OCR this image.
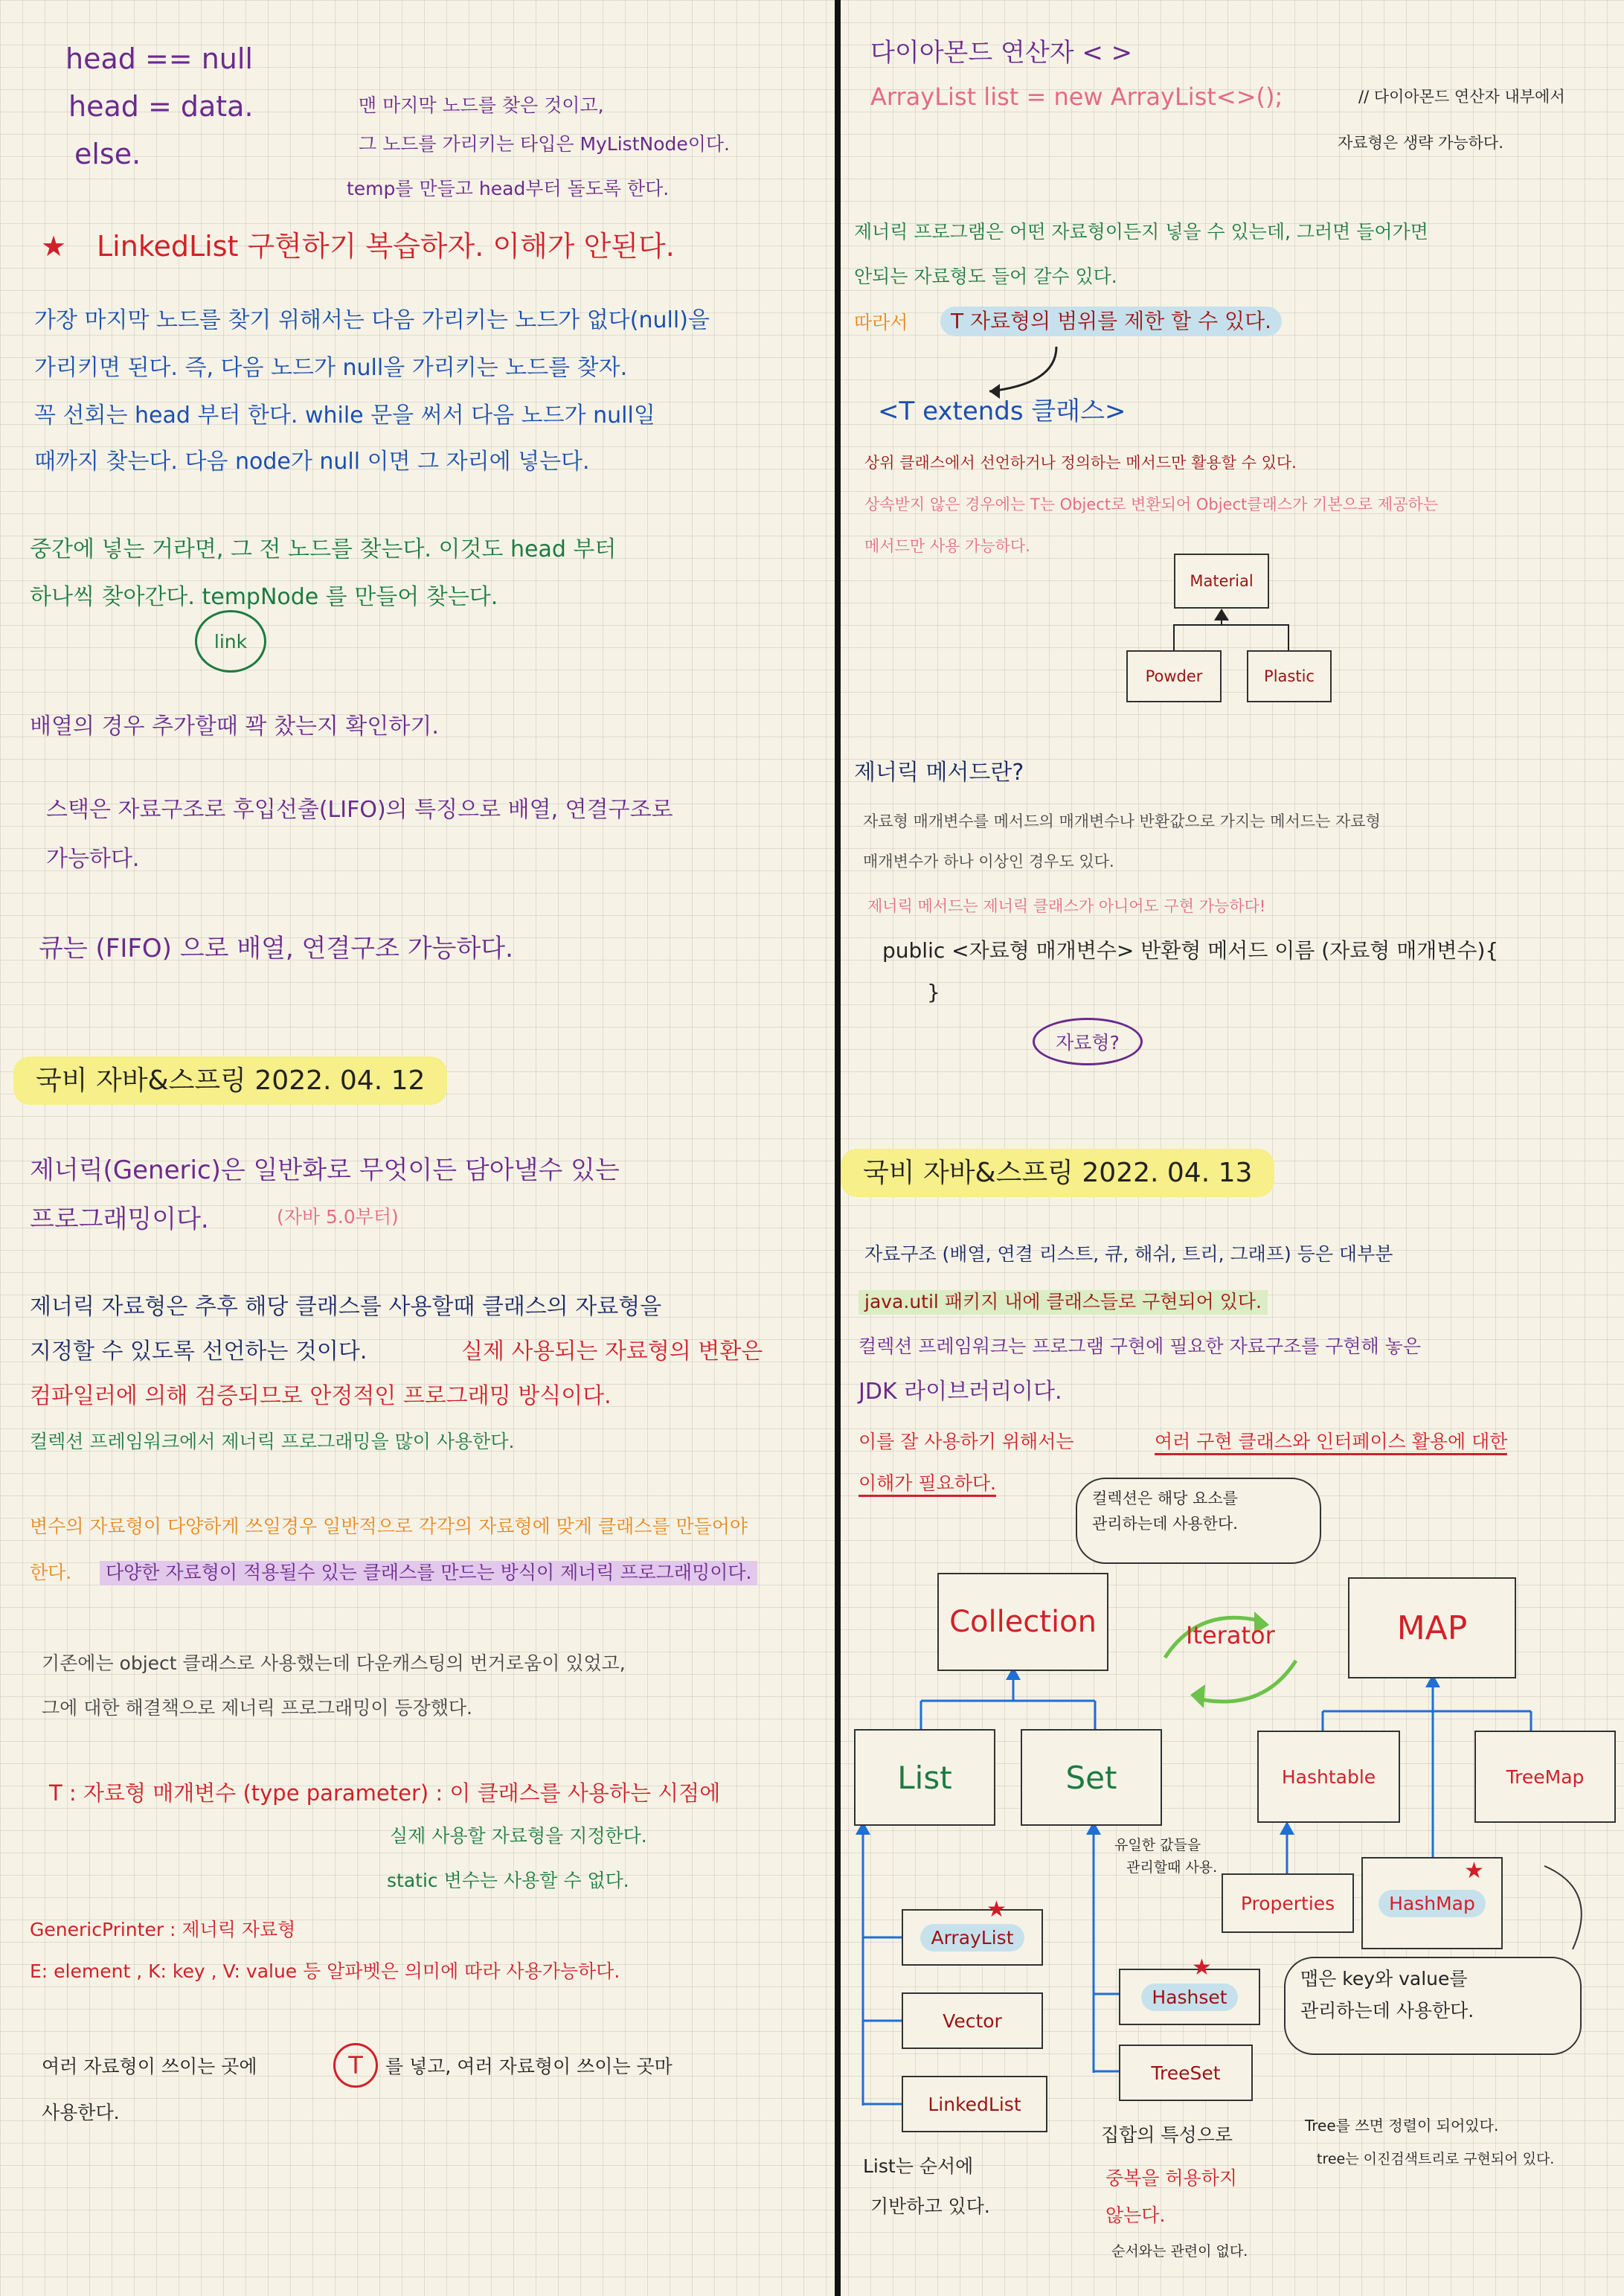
head == null

head = data.

else.

맨 마지막 노드를 찾은 것이고,

그 노드를 가리키는 타입은 MyListNode이다.

temp를 만들고 head부터 돌도록 한다.

★ LinkedList 구현하기 복습하자. 이해가 안된다.

가장 마지막 노드를 찾기 위해서는 다음 가리키는 노드가 없다(null)을

가리키면 된다. 즉, 다음 노드가 null을 가리키는 노드를 찾자.

꼭 선회는 head 부터 한다. while 문을 써서 다음 노드가 null일

때까지 찾는다. 다음 node가 null 이면 그 자리에 넣는다.

중간에 넣는 거라면, 그 전 노드를 찾는다. 이것도 head 부터

하나씩 찾아간다. tempNode 를 만들어 찾는다.

link

배열의 경우 추가할때 꽉 찼는지 확인하기.

스택은 자료구조로 후입선출(LIFO)의 특징으로 배열, 연결구조로

가능하다.

큐는 (FIFO) 으로 배열, 연결구조 가능하다.

국비 자바&스프링 2022. 04. 12

제너릭(Generic)은 일반화로 무엇이든 담아낼수 있는

프로그래밍이다.	(자바 5.0부터)

제너릭 자료형은 추후 해당 클래스를 사용할때 클래스의 자료형을

지정할 수 있도록 선언하는 것이다.	실제 사용되는 자료형의 변환은

컴파일러에 의해 검증되므로 안정적인 프로그래밍 방식이다.

컬렉션 프레임워크에서 제너릭 프로그래밍을 많이 사용한다.

변수의 자료형이 다양하게 쓰일경우 일반적으로 각각의 자료형에 맞게 클래스를 만들어야

한다.	다양한 자료형이 적용될수 있는 클래스를 만드는 방식이 제너릭 프로그래밍이다.

기존에는 object 클래스로 사용했는데 다운캐스팅의 번거로움이 있었고,

그에 대한 해결책으로 제너릭 프로그래밍이 등장했다.

T : 자료형 매개변수 (type parameter) : 이 클래스를 사용하는 시점에

실제 사용할 자료형을 지정한다.

static 변수는 사용할 수 없다.

GenericPrinter : 제너릭 자료형

E: element , K: key , V: value 등 알파벳은 의미에 따라 사용가능하다.

여러 자료형이 쓰이는 곳에	T 를 넣고, 여러 자료형이 쓰이는 곳마

사용한다.

다이아몬드 연산자 < >

ArrayList list = new ArrayList<>();	// 다이아몬드 연산자 내부에서

자료형은 생략 가능하다.

제너릭 프로그램은 어떤 자료형이든지 넣을 수 있는데, 그러면 들어가면

안되는 자료형도 들어 갈수 있다.

따라서	T 자료형의 범위를 제한 할 수 있다.

<T extends 클래스>

상위 클래스에서 선언하거나 정의하는 메서드만 활용할 수 있다.

상속받지 않은 경우에는 T는 Object로 변환되어 Object클래스가 기본으로 제공하는

메서드만 사용 가능하다.

Material
Powder	Plastic

제너릭 메서드란?

자료형 매개변수를 메서드의 매개변수나 반환값으로 가지는 메서드는 자료형

매개변수가 하나 이상인 경우도 있다.

제너릭 메서드는 제너릭 클래스가 아니어도 구현 가능하다!

public <자료형 매개변수> 반환형 메서드 이름 (자료형 매개변수){

}

자료형?

국비 자바&스프링 2022. 04. 13

자료구조 (배열, 연결 리스트, 큐, 해쉬, 트리, 그래프) 등은 대부분

java.util 패키지 내에 클래스들로 구현되어 있다.

컬렉션 프레임워크는 프로그램 구현에 필요한 자료구조를 구현해 놓은

JDK 라이브러리이다.

이를 잘 사용하기 위해서는	여러 구현 클래스와 인터페이스 활용에 대한

이해가 필요하다.

컬렉션은 해당 요소를

관리하는데 사용한다.

Collection	MAP

Iterator

List	Set	Hashtable	TreeMap

유일한 값들을

관리할때 사용.

Properties	HashMap
★
ArrayList
★
Hashset
★
Vector
TreeSet
LinkedList

맵은 key와 value를

관리하는데 사용한다.

List는 순서에

기반하고 있다.

집합의 특성으로

중복을 허용하지

않는다.

순서와는 관련이 없다.

Tree를 쓰면 정렬이 되어있다.

tree는 이진검색트리로 구현되어 있다.
